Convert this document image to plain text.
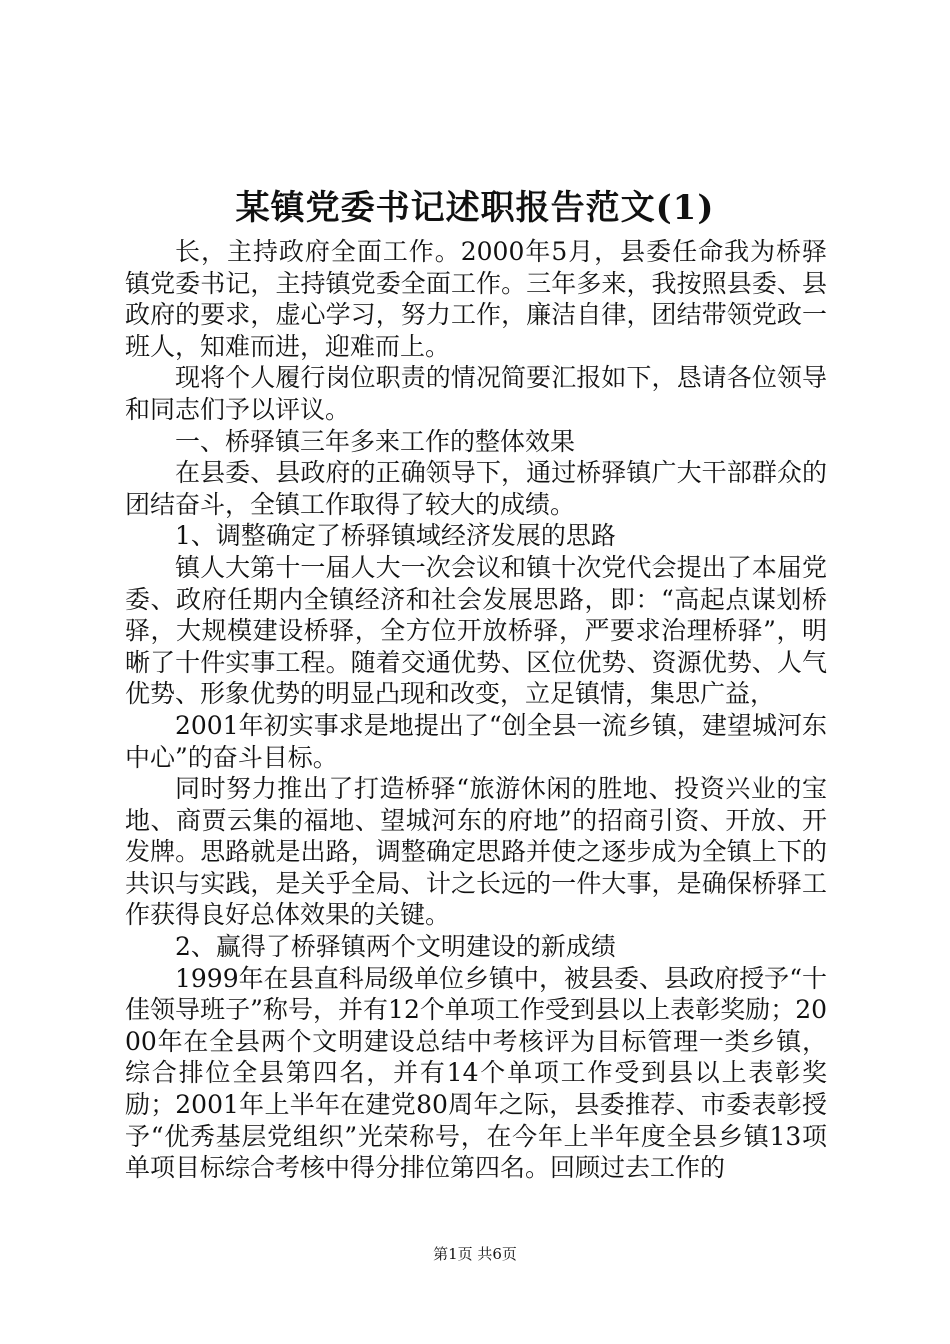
某镇党委书记述职报告范文(1)

长，主持政府全面工作。2000年5月，县委任命我为桥驿镇党委书记，主持镇党委全面工作。三年多来，我按照县委、县政府的要求，虚心学习，努力工作，廉洁自律，团结带领党政一班人，知难而进，迎难而上。

现将个人履行岗位职责的情况简要汇报如下，恳请各位领导和同志们予以评议。

一、桥驿镇三年多来工作的整体效果

在县委、县政府的正确领导下，通过桥驿镇广大干部群众的团结奋斗，全镇工作取得了较大的成绩。

1、调整确定了桥驿镇域经济发展的思路

镇人大第十一届人大一次会议和镇十次党代会提出了本届党委、政府任期内全镇经济和社会发展思路，即：“高起点谋划桥驿，大规模建设桥驿，全方位开放桥驿，严要求治理桥驿”，明晰了十件实事工程。随着交通优势、区位优势、资源优势、人气优势、形象优势的明显凸现和改变，立足镇情，集思广益，

2001年初实事求是地提出了“创全县一流乡镇，建望城河东中心”的奋斗目标。

同时努力推出了打造桥驿“旅游休闲的胜地、投资兴业的宝地、商贾云集的福地、望城河东的府地”的招商引资、开放、开发牌。思路就是出路，调整确定思路并使之逐步成为全镇上下的共识与实践，是关乎全局、计之长远的一件大事，是确保桥驿工作获得良好总体效果的关键。

2、赢得了桥驿镇两个文明建设的新成绩

1999年在县直科局级单位乡镇中，被县委、县政府授予“十佳领导班子”称号，并有12个单项工作受到县以上表彰奖励；2000年在全县两个文明建设总结中考核评为目标管理一类乡镇，综合排位全县第四名，并有14个单项工作受到县以上表彰奖励；2001年上半年在建党80周年之际，县委推荐、市委表彰授予“优秀基层党组织”光荣称号，在今年上半年度全县乡镇13项单项目标综合考核中得分排位第四名。回顾过去工作的

第1页 共6页
